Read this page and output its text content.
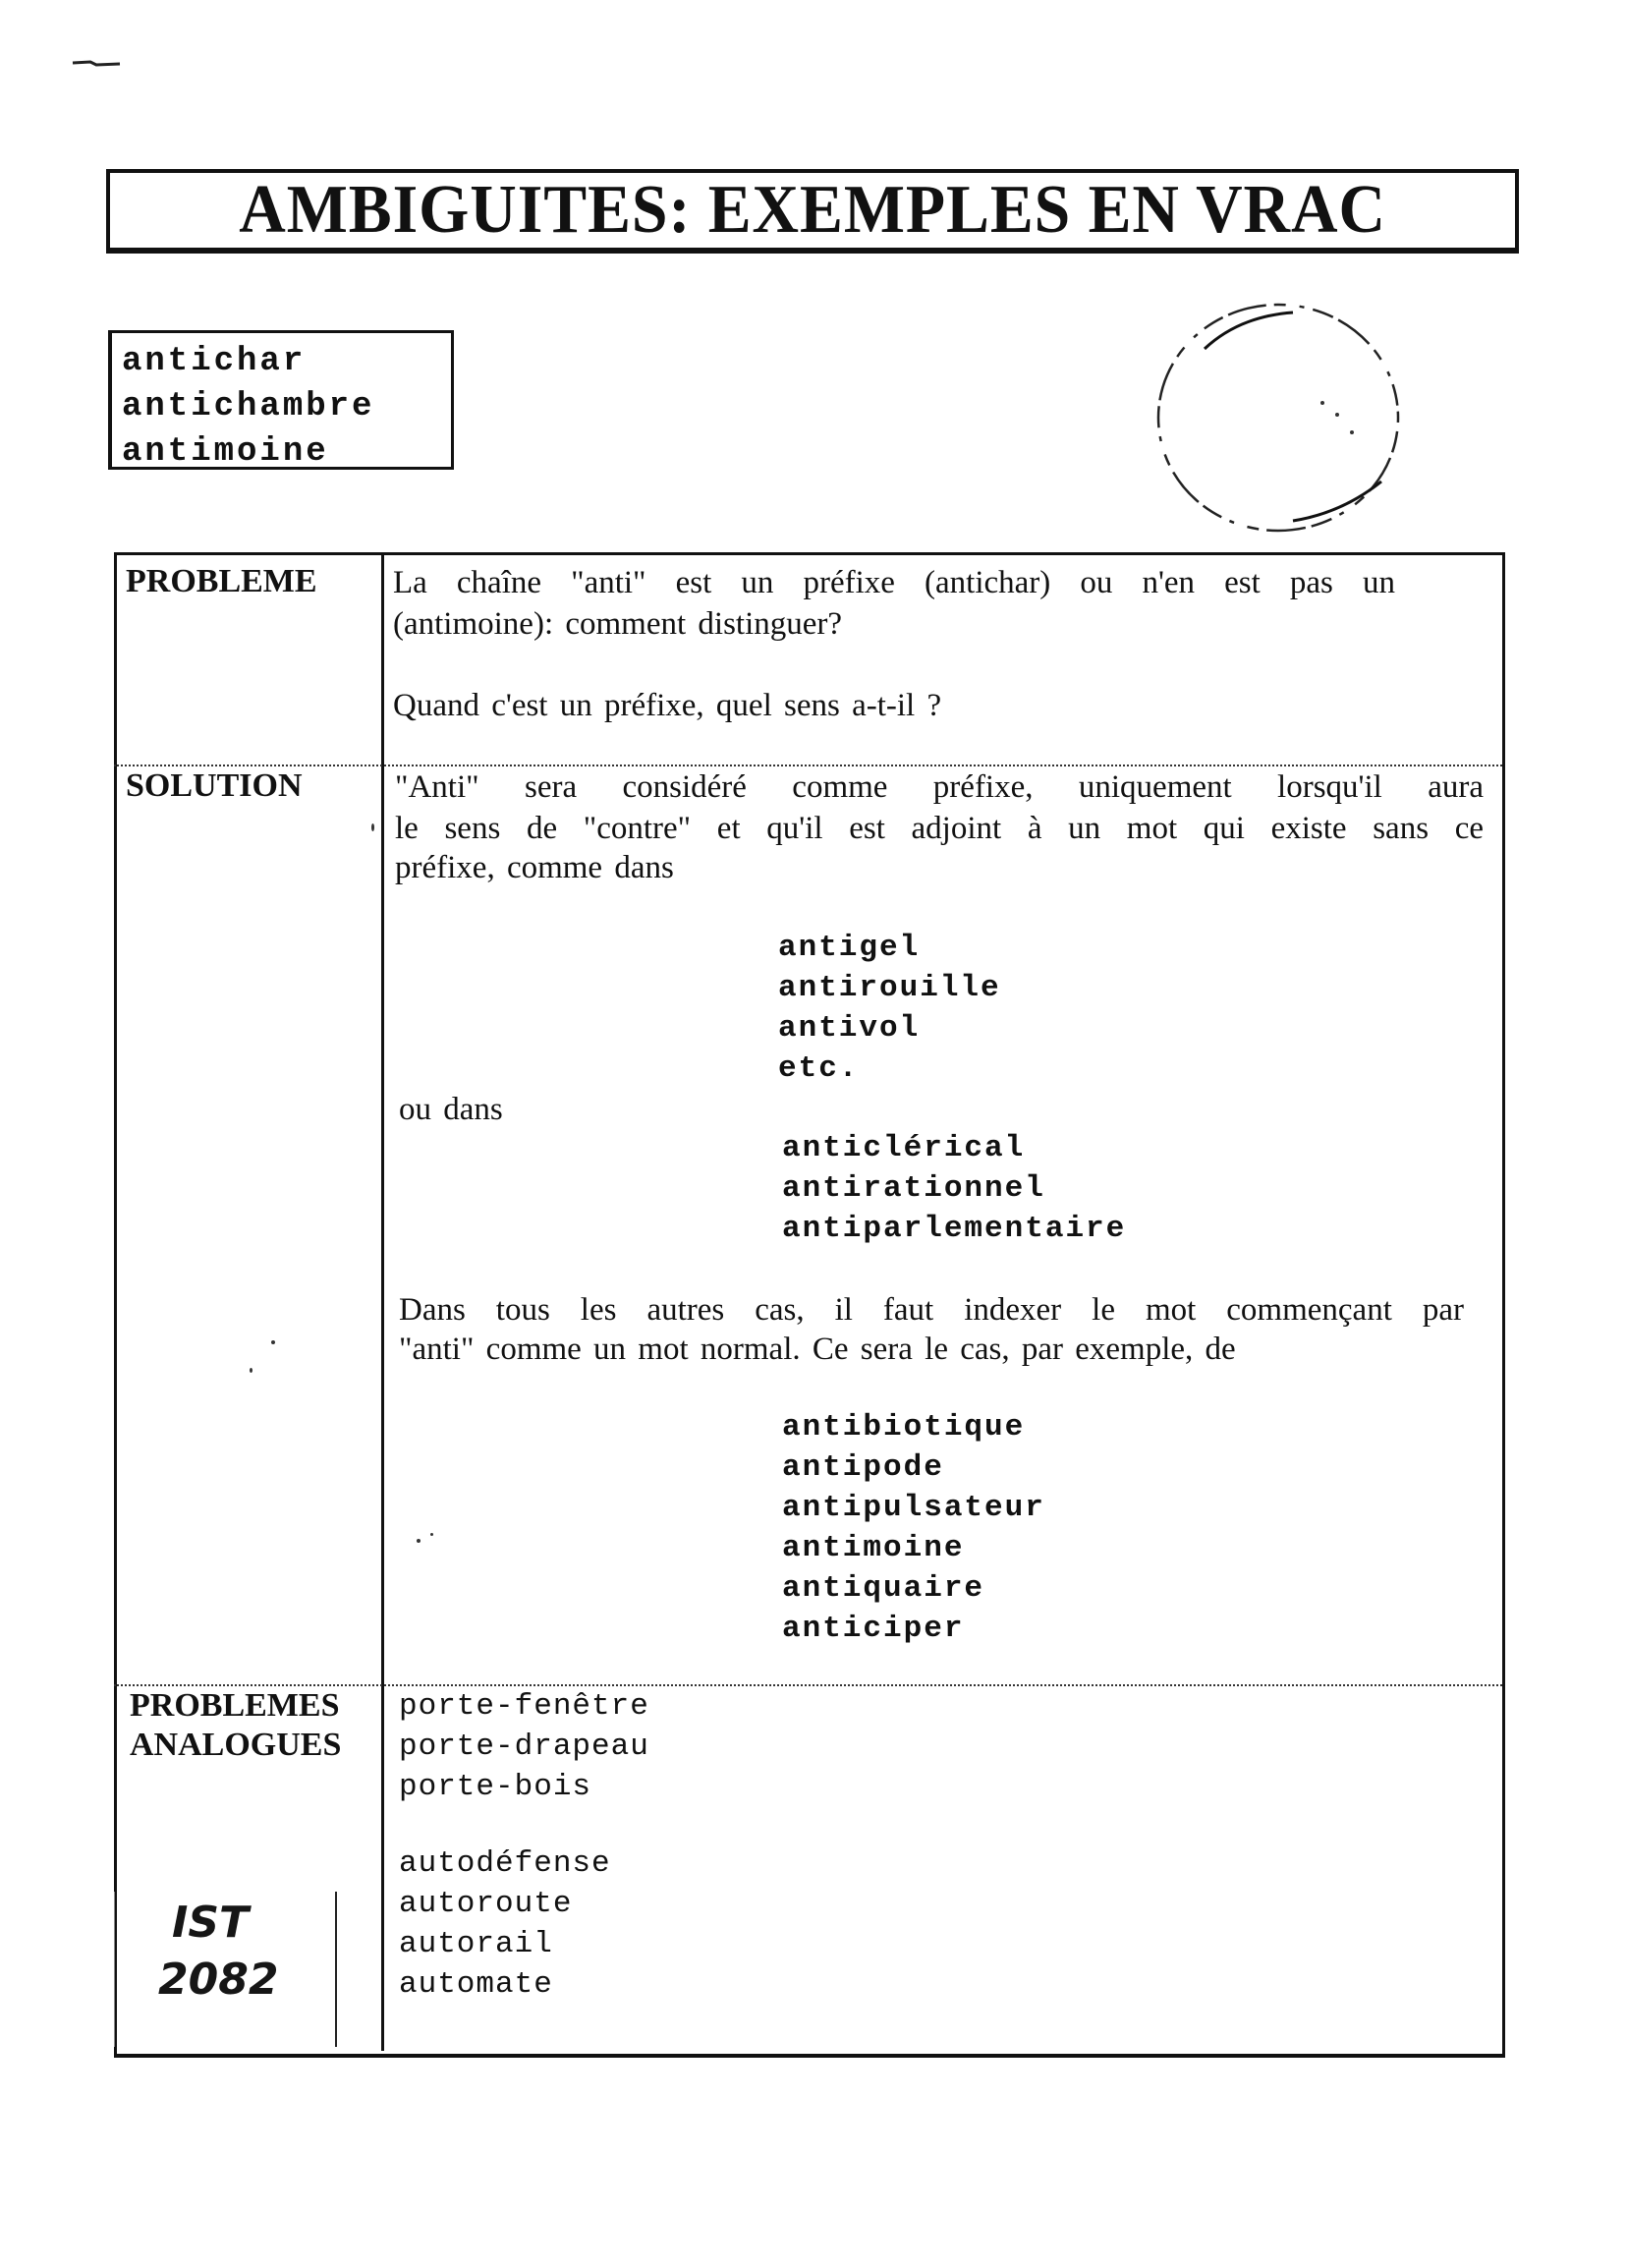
AMBIGUITES: EXEMPLES EN VRAC
antichar
antichambre
antimoine
PROBLEME La chaîne "anti" est un préfixe (antichar) ou n'en est pas un
(antimoine): comment distinguer?
Quand c'est un préfixe, quel sens a-t-il ?
SOLUTION	"Anti" sera considéré comme préfixe, uniquement lorsqu'il aura
le sens de "contre" et qu'il est adjoint à un mot qui existe sans ce
préfixe, comme dans
antigel
antirouille
antivol
etc.
ou dans
anticlérical
antirationnel
antiparlementaire
Dans tous les autres cas, il faut indexer le mot commençant par
"anti" comme un mot normal. Ce sera le cas, par exemple, de
antibiotique
antipode
antipulsateur
antimoine
antiquaire
anticiper
PROBLEMES
ANALOGUES
porte-fenêtre
porte-drapeau
porte-bois
autodéfense
autoroute
autorail
automate
IST
2082
